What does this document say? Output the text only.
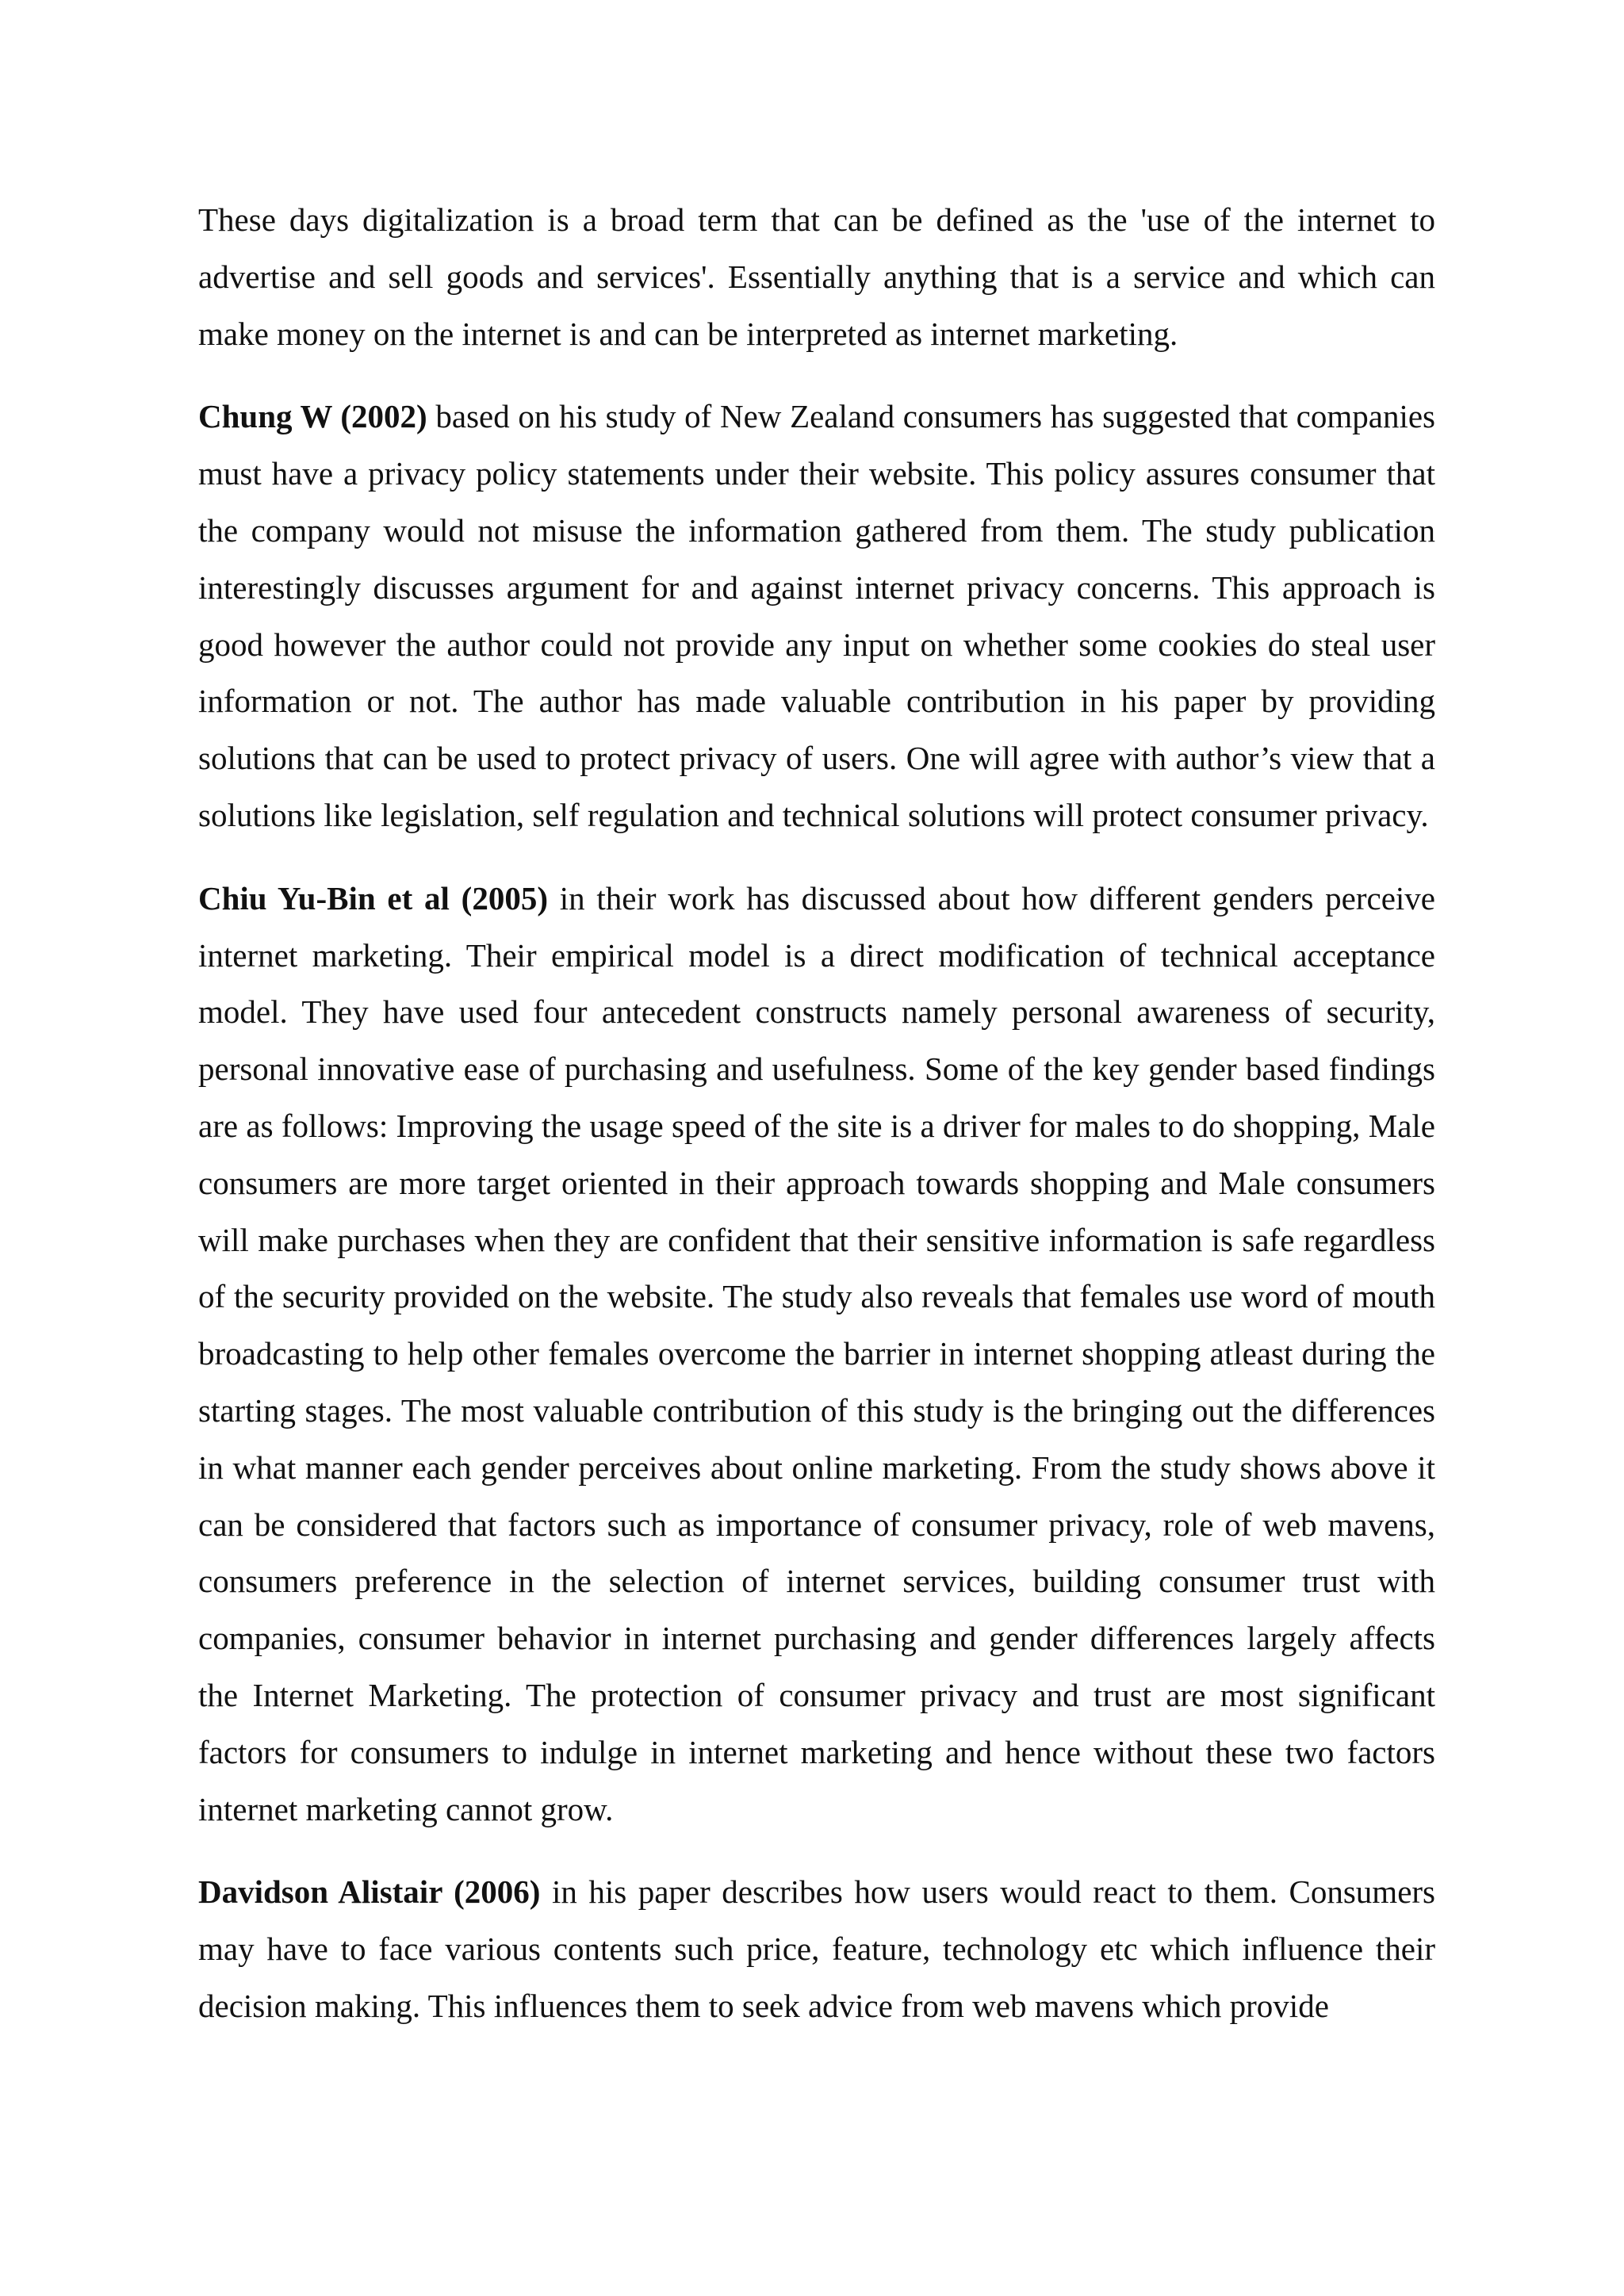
These days digitalization is a broad term that can be defined as the 'use of the internet to advertise and sell goods and services'. Essentially anything that is a service and which can make money on the internet is and can be interpreted as internet marketing.

Chung W (2002) based on his study of New Zealand consumers has suggested that companies must have a privacy policy statements under their website. This policy assures consumer that the company would not misuse the information gathered from them. The study publication interestingly discusses argument for and against internet privacy concerns. This approach is good however the author could not provide any input on whether some cookies do steal user information or not. The author has made valuable contribution in his paper by providing solutions that can be used to protect privacy of users. One will agree with author’s view that a solutions like legislation, self regulation and technical solutions will protect consumer privacy.

Chiu Yu-Bin et al (2005) in their work has discussed about how different genders perceive internet marketing. Their empirical model is a direct modification of technical acceptance model. They have used four antecedent constructs namely personal awareness of security, personal innovative ease of purchasing and usefulness. Some of the key gender based findings are as follows: Improving the usage speed of the site is a driver for males to do shopping, Male consumers are more target oriented in their approach towards shopping and Male consumers will make purchases when they are confident that their sensitive information is safe regardless of the security provided on the website. The study also reveals that females use word of mouth broadcasting to help other females overcome the barrier in internet shopping atleast during the starting stages. The most valuable contribution of this study is the bringing out the differences in what manner each gender perceives about online marketing. From the study shows above it can be considered that factors such as importance of consumer privacy, role of web mavens, consumers preference in the selection of internet services, building consumer trust with companies, consumer behavior in internet purchasing and gender differences largely affects the Internet Marketing. The protection of consumer privacy and trust are most significant factors for consumers to indulge in internet marketing and hence without these two factors internet marketing cannot grow.

Davidson Alistair (2006) in his paper describes how users would react to them. Consumers may have to face various contents such price, feature, technology etc which influence their decision making. This influences them to seek advice from web mavens which provide
